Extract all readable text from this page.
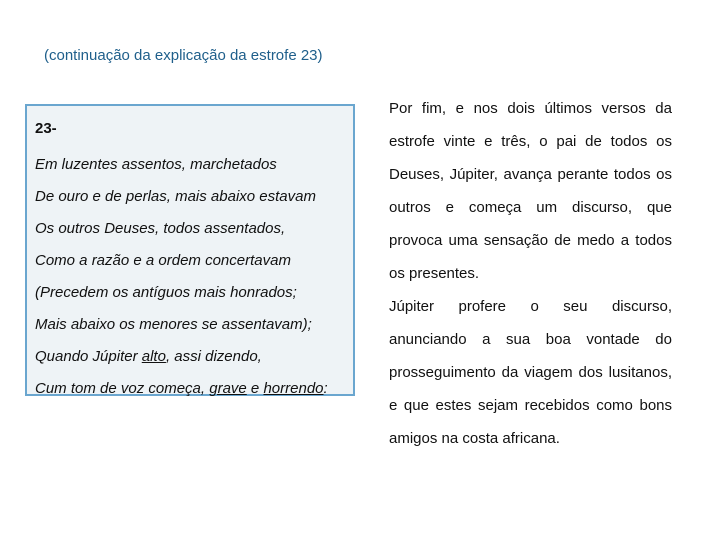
(continuação da explicação da estrofe 23)
23-
Em luzentes assentos, marchetados
De ouro e de perlas, mais abaixo estavam
Os outros Deuses, todos assentados,
Como a razão e a ordem concertavam
(Precedem os antíguos mais honrados;
Mais abaixo os menores se assentavam);
Quando Júpiter alto, assi dizendo,
Cum tom de voz começa, grave e horrendo:

Por fim, e nos dois últimos versos da estrofe vinte e três, o pai de todos os Deuses, Júpiter, avança perante todos os outros e começa um discurso, que provoca uma sensação de medo a todos os presentes.

Júpiter profere o seu discurso, anunciando a sua boa vontade do prosseguimento da viagem dos lusitanos, e que estes sejam recebidos como bons amigos na costa africana.
